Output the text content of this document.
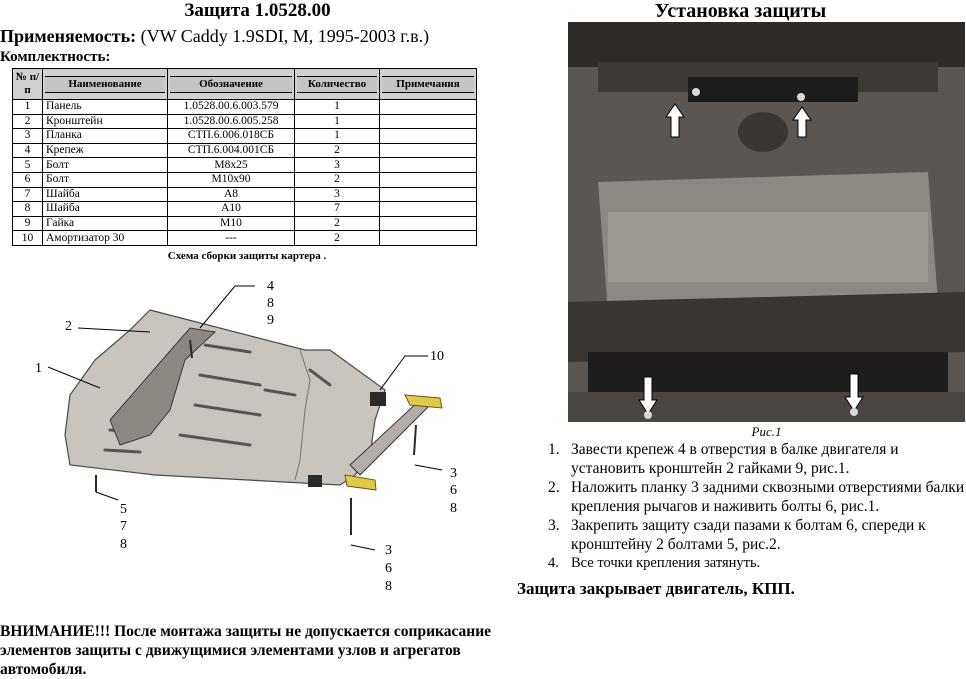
Защита 1.0528.00
Применяемость: (VW Caddy 1.9SDI, M, 1995-2003 г.в.)
Комплектность:
№ п/п	Наименование	Обозначение	Количество	Примечания

1	Панель	1.0528.00.6.003.579	1	
2	Кронштейн	1.0528.00.6.005.258	1	
3	Планка	СТП.6.006.018СБ	1	
4	Крепеж	СТП.6.004.001СБ	2	
5	Болт	М8х25	3	
6	Болт	М10х90	2	
7	Шайба	А8	3	
8	Шайба	А10	7	
9	Гайка	М10	2	
10	Амортизатор 30	---	2	
Схема сборки защиты картера .
2
1
4
8
9
10
5
7
8
3
6
8
3
6
8
ВНИМАНИЕ!!! После монтажа защиты не допускается соприкасание элементов защиты с движущимися элементами узлов и агрегатов автомобиля.
Установка защиты
Рис.1
1. Завести крепеж 4 в отверстия в балке двигателя и установить кронштейн 2 гайками 9, рис.1.
2. Наложить планку 3 задними сквозными отверстиями балки крепления рычагов и наживить болты 6, рис.1.
3. Закрепить защиту сзади пазами к болтам 6, спереди к кронштейну 2 болтами 5, рис.2.
4. Все точки крепления затянуть.
Защита закрывает двигатель, КПП.
